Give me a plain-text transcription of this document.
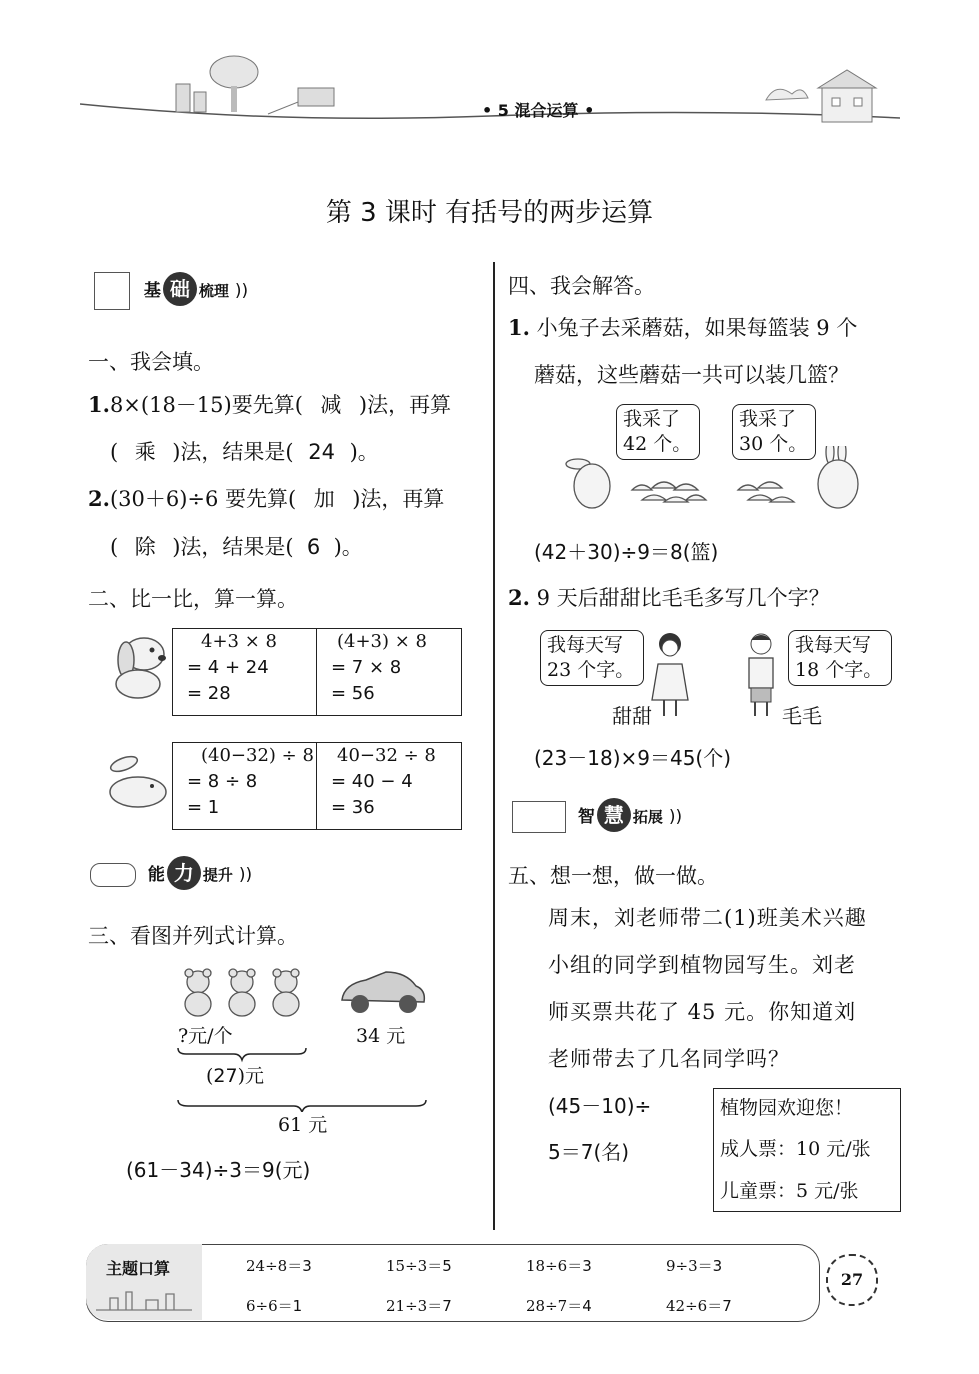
• 5 混合运算 •
第 3 课时 有括号的两步运算
基 础 梳理 ))
一、我会填。
1.8×(18－15)要先算( 减 )法，再算
( 乘 )法，结果是( 24 )。
2.(30＋6)÷6 要先算( 加 )法，再算
( 除 )法，结果是( 6 )。
二、比一比，算一算。
4+3 × 8
= 4 + 24
= 28
(4+3) × 8
= 7 × 8
= 56
(40−32) ÷ 8
= 8 ÷ 8
= 1
40−32 ÷ 8
= 40 − 4
= 36
能 力 提升 ))
三、看图并列式计算。
?元/个	34 元
(27)元
61 元
(61－34)÷3＝9(元)
四、我会解答。
1. 小兔子去采蘑菇，如果每篮装 9 个
蘑菇，这些蘑菇一共可以装几篮？
我采了
42 个。
我采了
30 个。
(42＋30)÷9＝8(篮)
2. 9 天后甜甜比毛毛多写几个字？
我每天写
23 个字。
我每天写
18 个字。
甜甜	毛毛
(23－18)×9＝45(个)
智 慧 拓展 ))
五、想一想，做一做。
周末，刘老师带二(1)班美术兴趣
小组的同学到植物园写生。刘老
师买票共花了 45 元。你知道刘
老师带去了几名同学吗？
(45－10)÷
5＝7(名)
植物园欢迎您！
成人票：10 元/张
儿童票：5 元/张
主题口算	24÷8＝3	15÷3＝5	18÷6＝3	9÷3＝3
6÷6＝1	21÷3＝7	28÷7＝4	42÷6＝7
27
